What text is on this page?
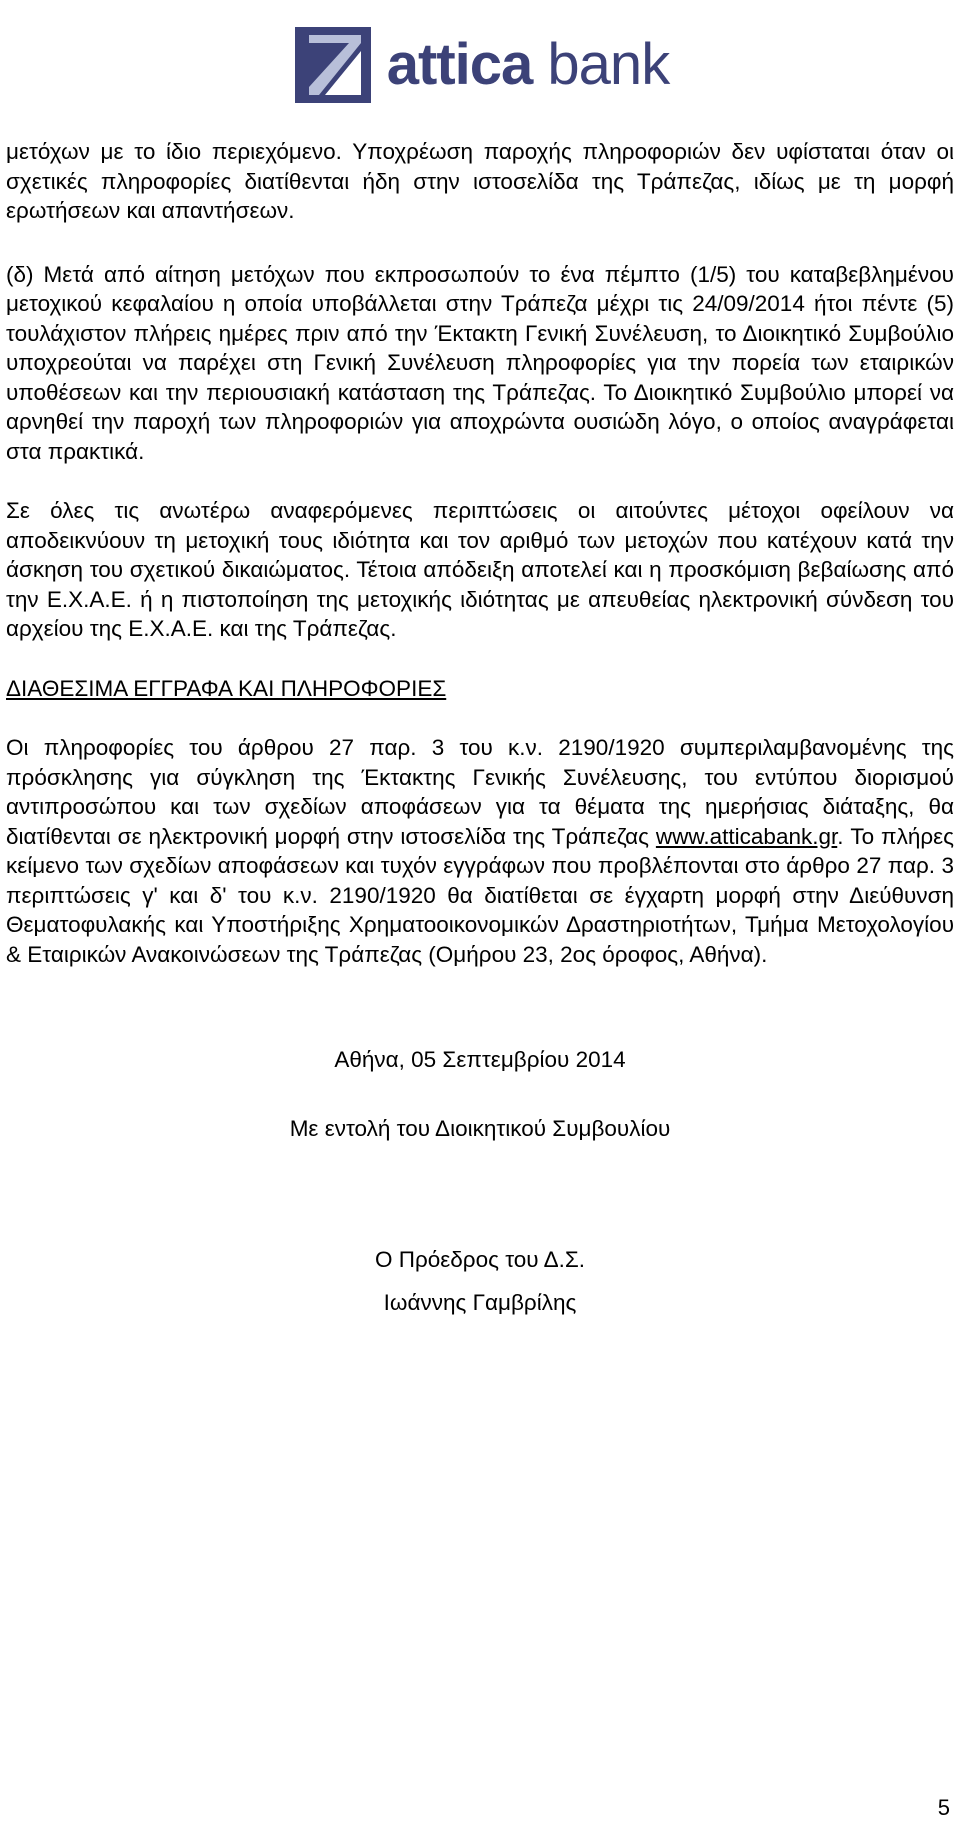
attica bank

μετόχων με το ίδιο περιεχόμενο. Υποχρέωση παροχής πληροφοριών δεν υφίσταται όταν οι σχετικές πληροφορίες διατίθενται ήδη στην ιστοσελίδα της Τράπεζας, ιδίως με τη μορφή ερωτήσεων και απαντήσεων.

(δ) Μετά από αίτηση μετόχων που εκπροσωπούν το ένα πέμπτο (1/5) του καταβεβλημένου μετοχικού κεφαλαίου η οποία υποβάλλεται στην Τράπεζα μέχρι τις 24/09/2014 ήτοι πέντε (5) τουλάχιστον πλήρεις ημέρες πριν από την Έκτακτη Γενική Συνέλευση, το Διοικητικό Συμβούλιο υποχρεούται να παρέχει στη Γενική Συνέλευση πληροφορίες για την πορεία των εταιρικών υποθέσεων και την περιουσιακή κατάσταση της Τράπεζας. Το Διοικητικό Συμβούλιο μπορεί να αρνηθεί την παροχή των πληροφοριών για αποχρώντα ουσιώδη λόγο, ο οποίος αναγράφεται στα πρακτικά.

Σε όλες τις ανωτέρω αναφερόμενες περιπτώσεις οι αιτούντες μέτοχοι οφείλουν να αποδεικνύουν τη μετοχική τους ιδιότητα και τον αριθμό των μετοχών που κατέχουν κατά την άσκηση του σχετικού δικαιώματος. Τέτοια απόδειξη αποτελεί και η προσκόμιση βεβαίωσης από την Ε.Χ.Α.Ε. ή η πιστοποίηση της μετοχικής ιδιότητας με απευθείας ηλεκτρονική σύνδεση του αρχείου της Ε.Χ.Α.Ε. και της Τράπεζας.

ΔΙΑΘΕΣΙΜΑ ΕΓΓΡΑΦΑ ΚΑΙ ΠΛΗΡΟΦΟΡΙΕΣ

Οι πληροφορίες του άρθρου 27 παρ. 3 του κ.ν. 2190/1920 συμπεριλαμβανομένης της πρόσκλησης για σύγκληση της Έκτακτης Γενικής Συνέλευσης, του εντύπου διορισμού αντιπροσώπου και των σχεδίων αποφάσεων για τα θέματα της ημερήσιας διάταξης, θα διατίθενται σε ηλεκτρονική μορφή στην ιστοσελίδα της Τράπεζας www.atticabank.gr. Το πλήρες κείμενο των σχεδίων αποφάσεων και τυχόν εγγράφων που προβλέπονται στο άρθρο 27 παρ. 3 περιπτώσεις γ' και δ' του κ.ν. 2190/1920 θα διατίθεται σε έγχαρτη μορφή στην Διεύθυνση Θεματοφυλακής και Υποστήριξης Χρηματοοικονομικών Δραστηριοτήτων, Τμήμα Μετοχολογίου & Εταιρικών Ανακοινώσεων της Τράπεζας (Ομήρου 23, 2ος όροφος, Αθήνα).

Αθήνα, 05 Σεπτεμβρίου 2014

Με εντολή του Διοικητικού Συμβουλίου

Ο Πρόεδρος του Δ.Σ.

Ιωάννης Γαμβρίλης

5
